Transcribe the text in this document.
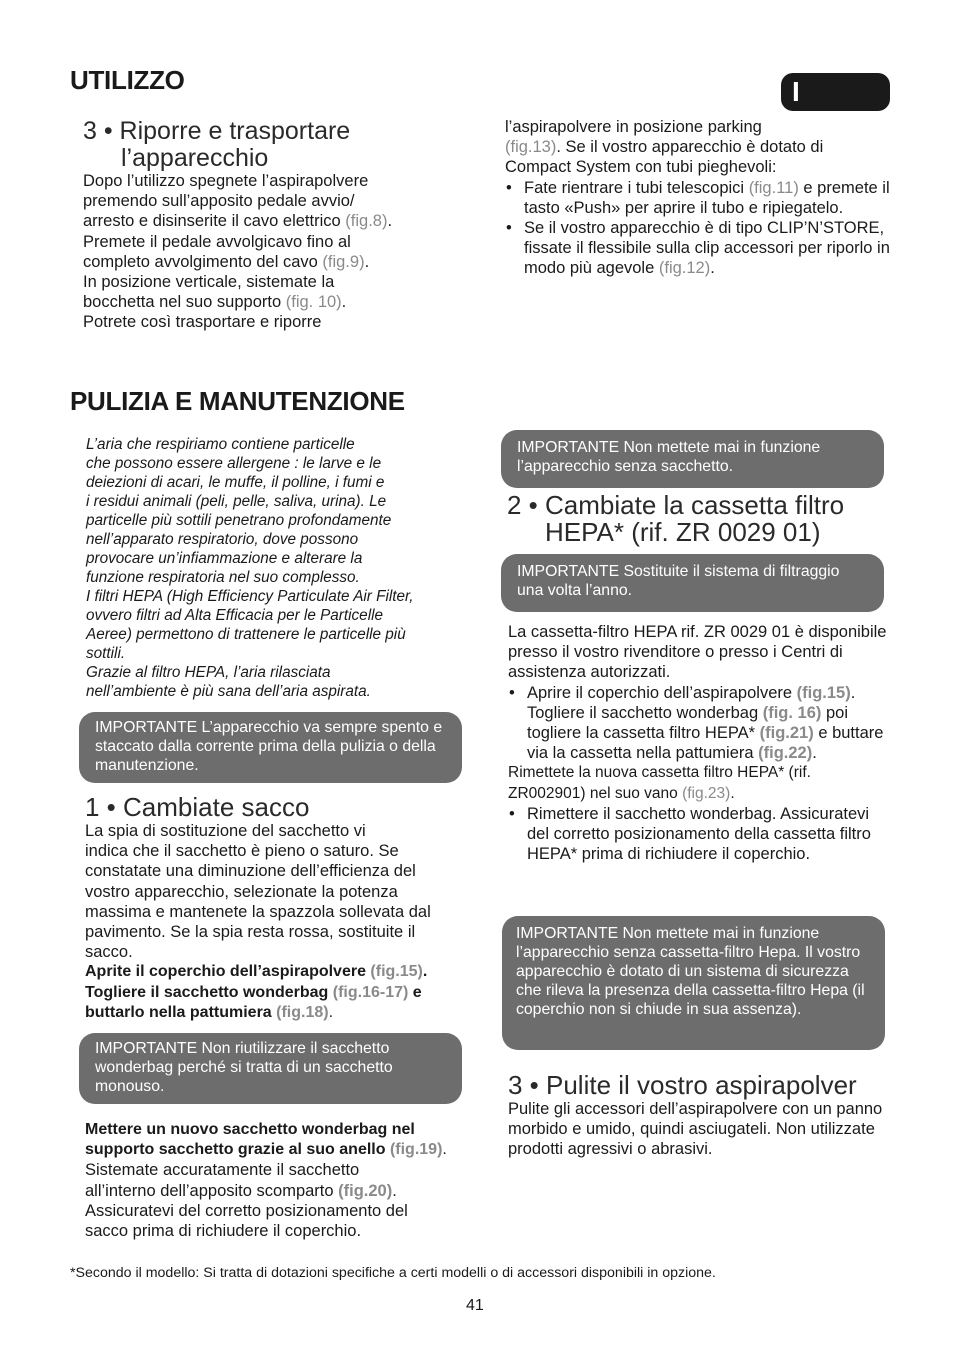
UTILIZZO	I
3 • Riporre e trasportare l’apparecchio

Dopo l’utilizzo spegnete l’aspirapolvere

premendo sull’apposito pedale avvio/

arresto e disinserite il cavo elettrico (fig.8).

Premete il pedale avvolgicavo fino al

completo avvolgimento del cavo (fig.9).

In posizione verticale, sistemate la

bocchetta nel suo supporto (fig. 10).

Potrete così trasportare e riporre

l’aspirapolvere in posizione parking
(fig.13). Se il vostro apparecchio è dotato di
Compact System con tubi pieghevoli:

• Fate rientrare i tubi telescopici (fig.11) e premete il tasto «Push» per aprire il tubo e ripiegatelo.
• Se il vostro apparecchio è di tipo CLIP’N’STORE, fissate il flessibile sulla clip accessori per riporlo in modo più agevole (fig.12).
PULIZIA E MANUTENZIONE

L’aria che respiriamo contiene particelle

che possono essere allergene : le larve e le

deiezioni di acari, le muffe, il polline, i fumi e

i residui animali (peli, pelle, saliva, urina). Le

particelle più sottili penetrano profondamente

nell’apparato respiratorio, dove possono

provocare un’infiammazione e alterare la

funzione respiratoria nel suo complesso.

I filtri HEPA (High Efficiency Particulate Air Filter,

ovvero filtri ad Alta Efficacia per le Particelle

Aeree) permettono di trattenere le particelle più

sottili.

Grazie al filtro HEPA, l’aria rilasciata

nell’ambiente è più sana dell’aria aspirata.

IMPORTANTE L’apparecchio va sempre spento e staccato dalla corrente prima della pulizia o della manutenzione.
1 • Cambiate sacco

La spia di sostituzione del sacchetto vi

indica che il sacchetto è pieno o saturo. Se

constatate una diminuzione dell’efficienza del

vostro apparecchio, selezionate la potenza

massima e mantenete la spazzola sollevata dal

pavimento. Se la spia resta rossa, sostituite il

sacco.

Aprite il coperchio dell’aspirapolvere (fig.15).
Togliere il sacchetto wonderbag (fig.16-17) e
buttarlo nella pattumiera (fig.18).

IMPORTANTE Non riutilizzare il sacchetto wonderbag perché si tratta di un sacchetto monouso.

Mettere un nuovo sacchetto wonderbag nel

supporto sacchetto grazie al suo anello (fig.19).

Sistemate accuratamente il sacchetto

all’interno dell’apposito scomparto (fig.20).

Assicuratevi del corretto posizionamento del

sacco prima di richiudere il coperchio.

IMPORTANTE Non mettete mai in funzione l’apparecchio senza sacchetto.
2 • Cambiate la cassetta filtro HEPA* (rif. ZR 0029 01)
IMPORTANTE Sostituite il sistema di filtraggio una volta l’anno.

La cassetta-filtro HEPA rif. ZR 0029 01 è disponibile presso il vostro rivenditore o presso i Centri di assistenza autorizzati.

• Aprire il coperchio dell’aspirapolvere (fig.15). Togliere il sacchetto wonderbag (fig. 16) poi togliere la cassetta filtro HEPA* (fig.21) e buttare via la cassetta nella pattumiera (fig.22).

Rimettete la nuova cassetta filtro HEPA* (rif. ZR002901) nel suo vano (fig.23).

• Rimettere il sacchetto wonderbag. Assicuratevi del corretto posizionamento della cassetta filtro HEPA* prima di richiudere il coperchio.
IMPORTANTE Non mettete mai in funzione l’apparecchio senza cassetta-filtro Hepa. Il vostro apparecchio è dotato di un sistema di sicurezza che rileva la presenza della cassetta-filtro Hepa (il coperchio non si chiude in sua assenza).
3 • Pulite il vostro aspirapolver
Pulite gli accessori dell’aspirapolvere con un panno morbido e umido, quindi asciugateli. Non utilizzate prodotti agressivi o abrasivi.
*Secondo il modello: Si tratta di dotazioni specifiche a certi modelli o di accessori disponibili in opzione.
41
